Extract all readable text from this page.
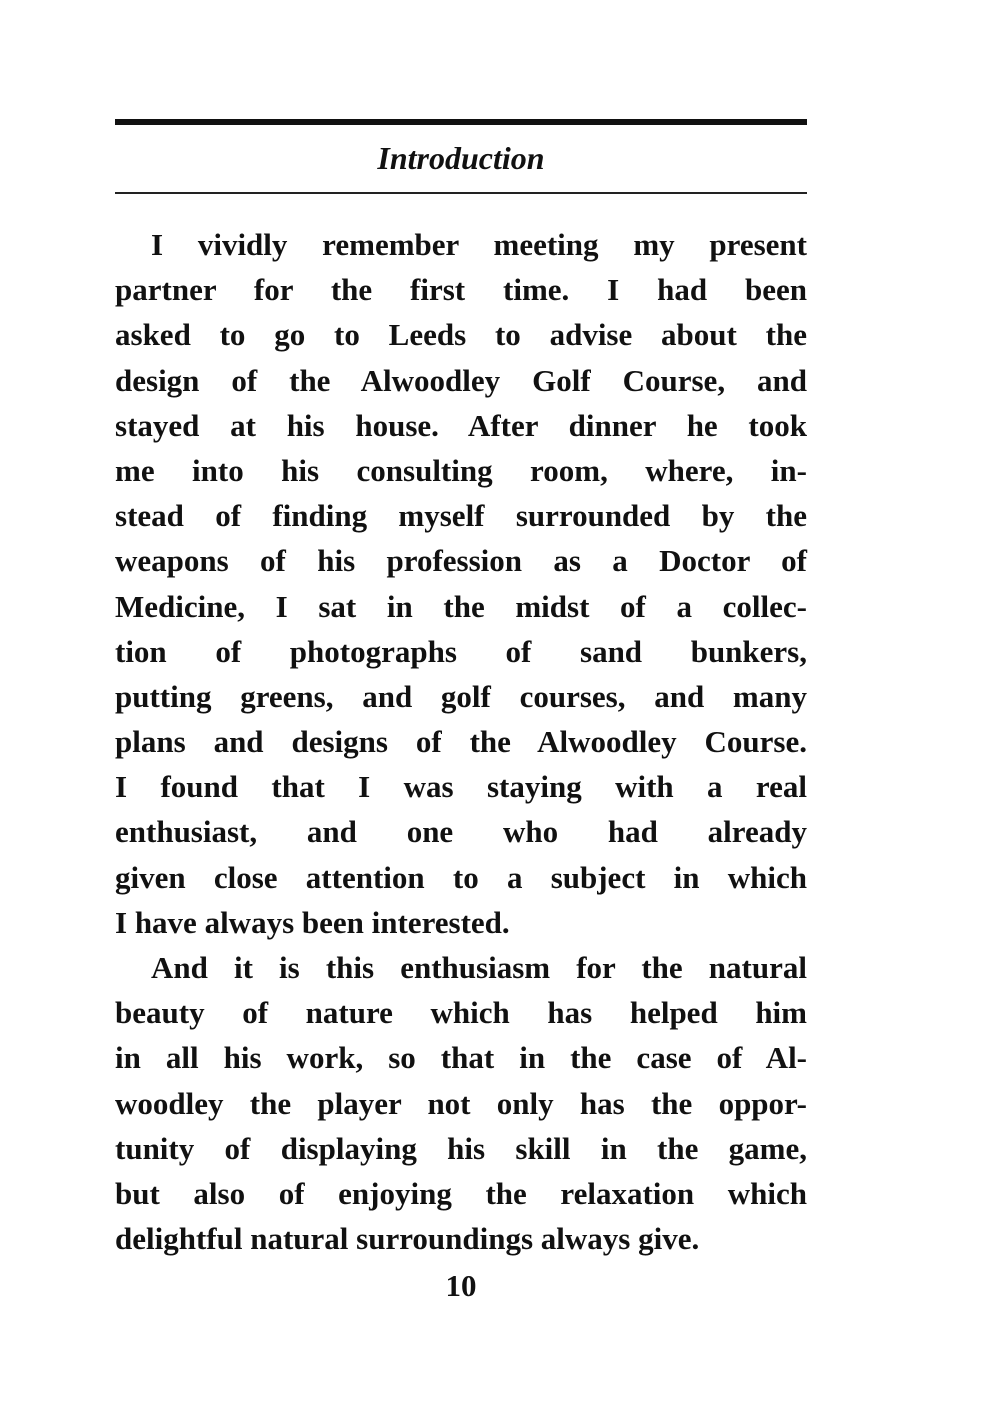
Introduction
I vividly remember meeting my present
partner for the first time. I had been
asked to go to Leeds to advise about the
design of the Alwoodley Golf Course, and
stayed at his house. After dinner he took
me into his consulting room, where, in-
stead of finding myself surrounded by the
weapons of his profession as a Doctor of
Medicine, I sat in the midst of a collec-
tion of photographs of sand bunkers,
putting greens, and golf courses, and many
plans and designs of the Alwoodley Course.
I found that I was staying with a real
enthusiast, and one who had already
given close attention to a subject in which
I have always been interested.
And it is this enthusiasm for the natural
beauty of nature which has helped him
in all his work, so that in the case of Al-
woodley the player not only has the oppor-
tunity of displaying his skill in the game,
but also of enjoying the relaxation which
delightful natural surroundings always give.
10
